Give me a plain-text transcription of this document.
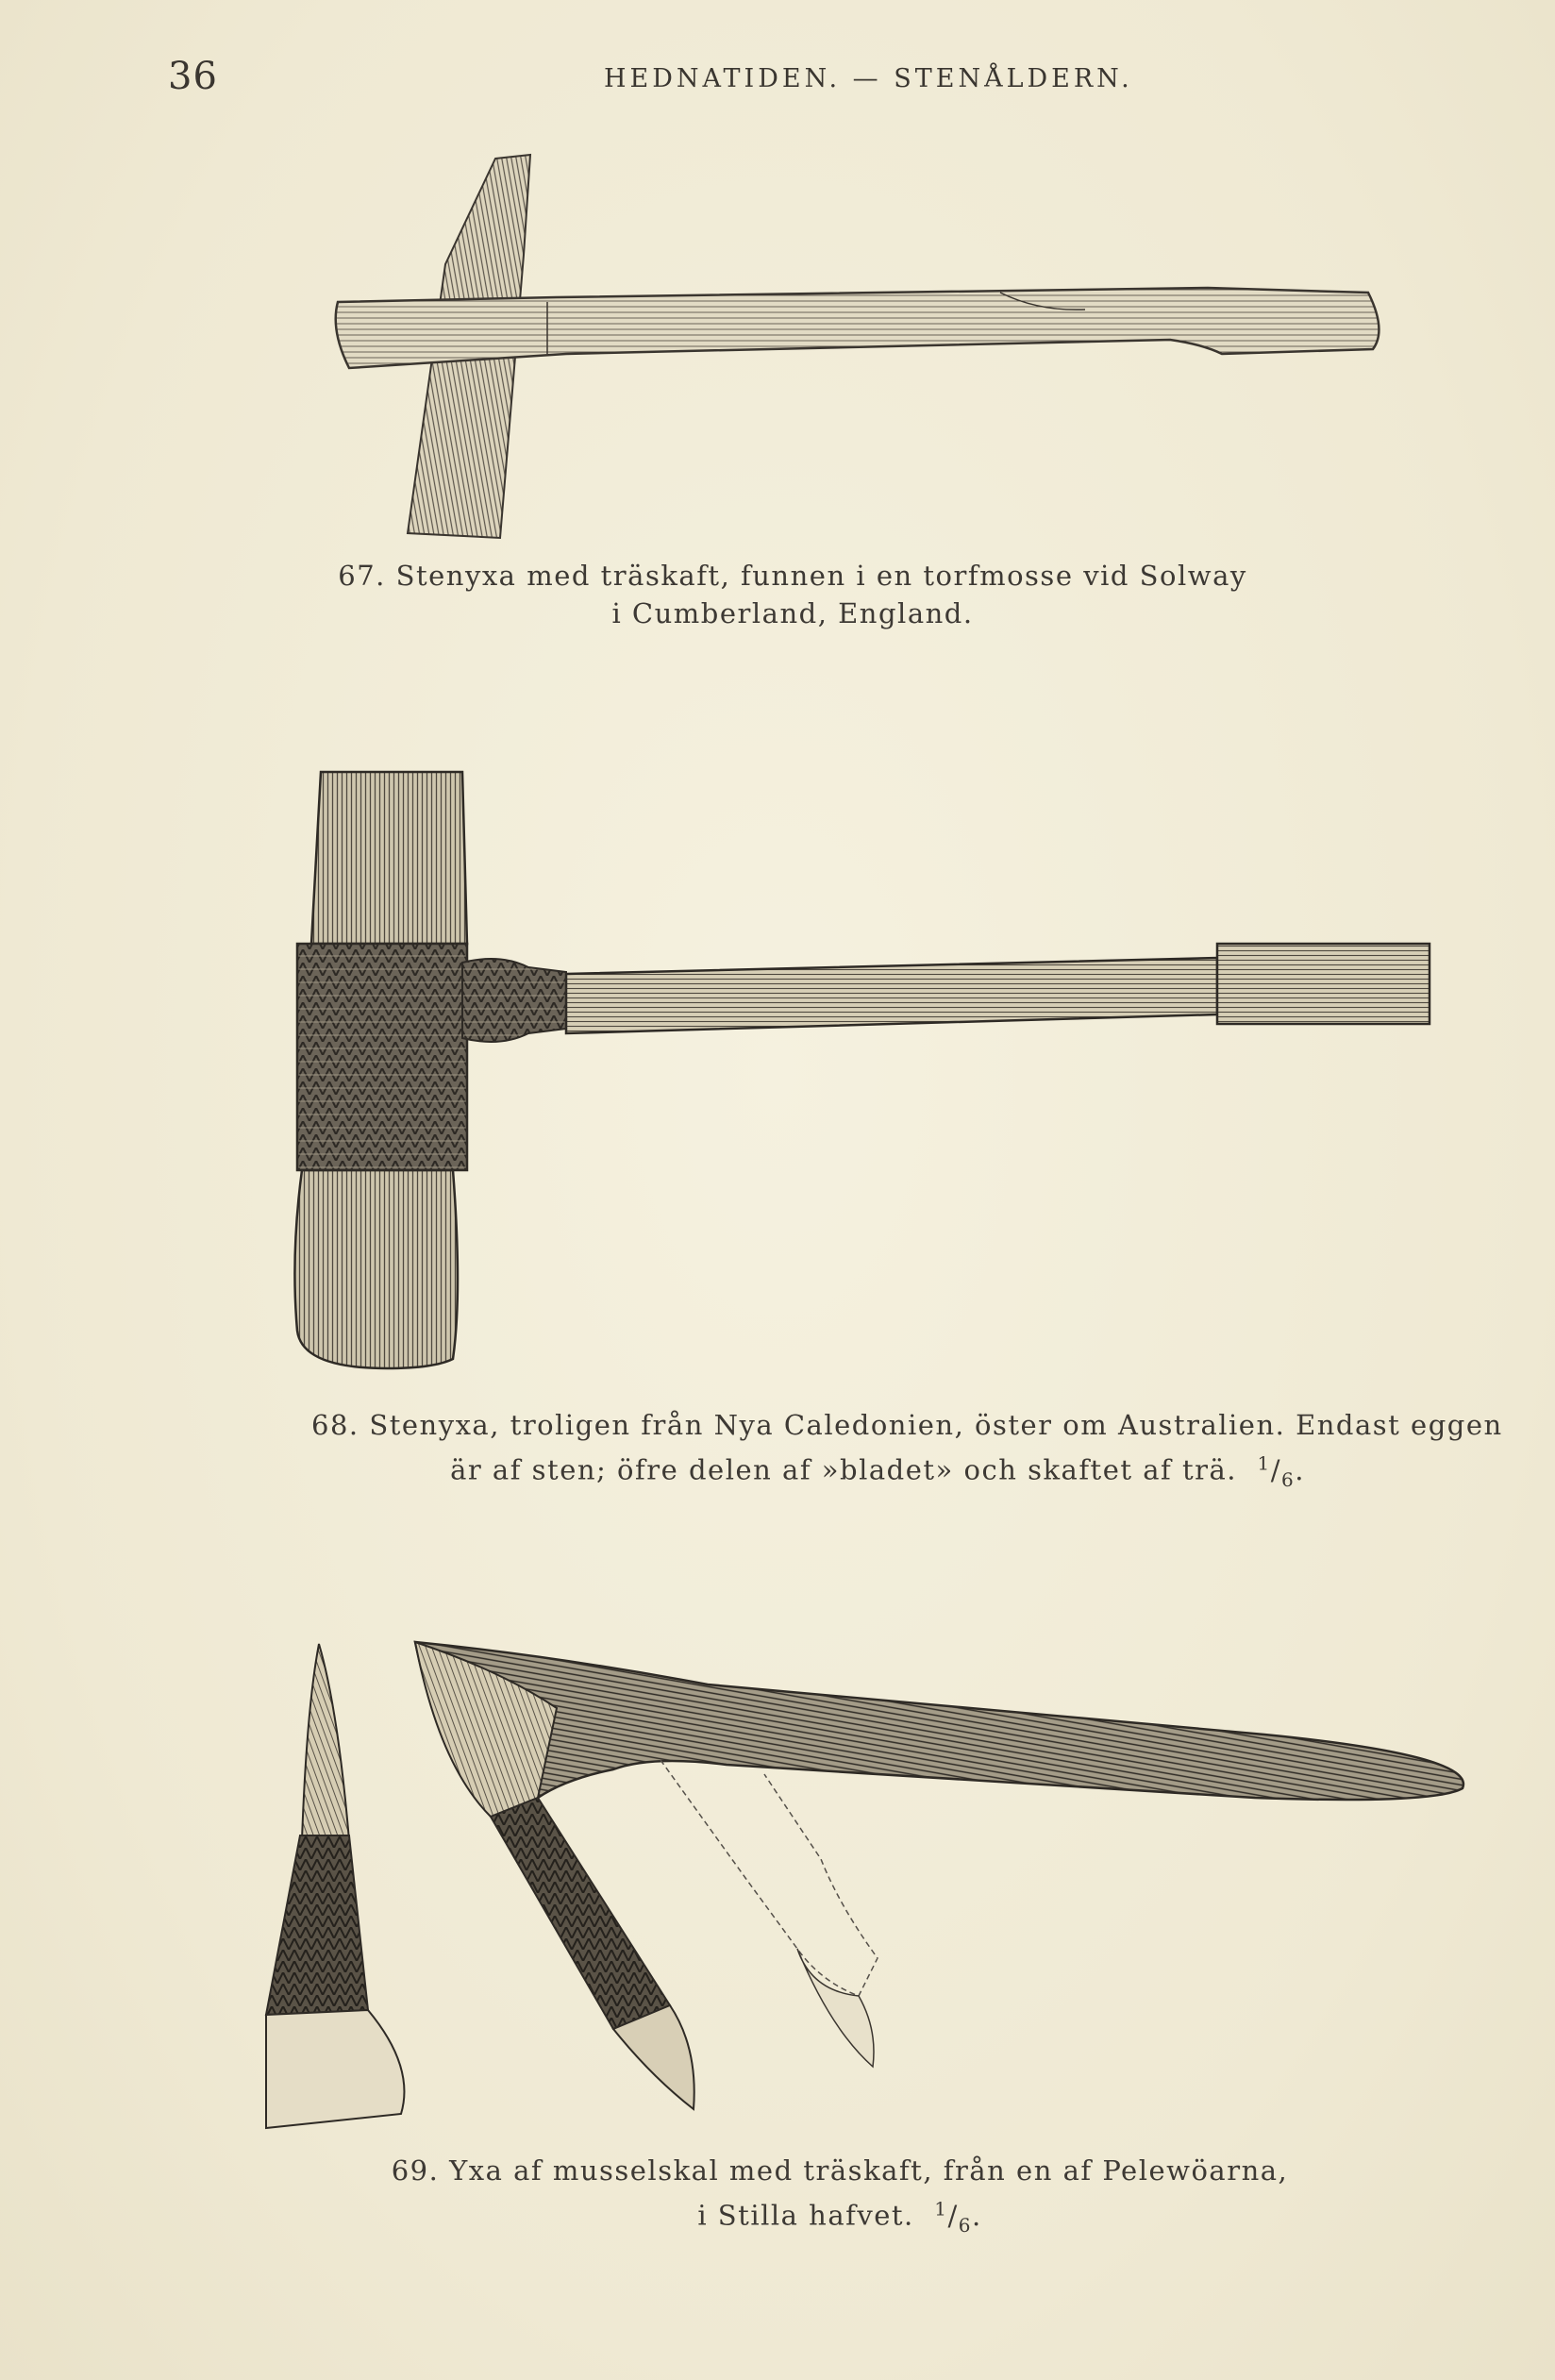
36	HEDNATIDEN. — STENÅLDERN.
67. Stenyxa med träskaft, funnen i en torfmosse vid Solway
i Cumberland, England.
68. Stenyxa, troligen från Nya Caledonien, öster om Australien. Endast eggen
är af sten; öfre delen af »bladet» och skaftet af trä. $^1/_6$.
69. Yxa af musselskal med träskaft, från en af Pelewöarna,
i Stilla hafvet. $^1/_6$.
